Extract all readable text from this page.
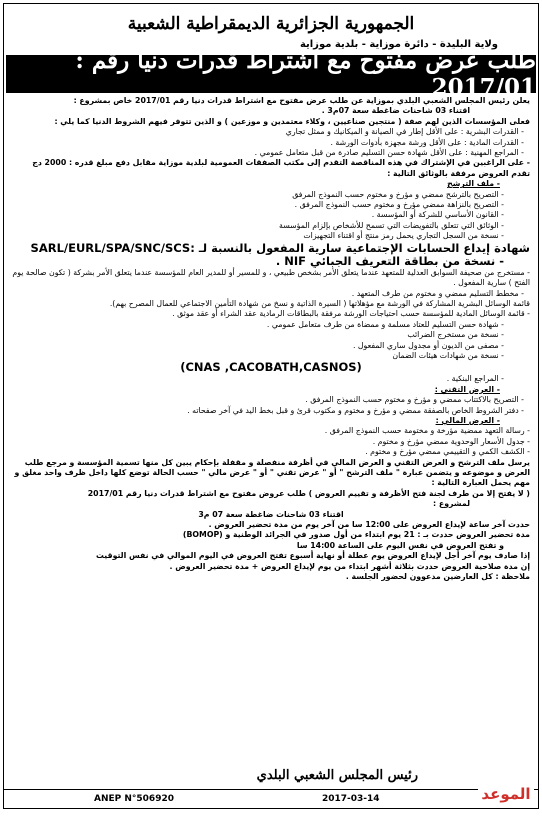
الجمهورية الجزائرية الديمقراطية الشعبية
ولاية البليدة - دائرة موزاية - بلدية موزاية
طلب عرض مفتوح مع اشتراط قدرات دنيا رقم : 2017/01

يعلن رئيس المجلس الشعبي البلدي بموزاية عن طلب عرض مفتوح مع اشتراط قدرات دنيا رقم 2017/01 خاص بمشروع :

اقتناء 03 شاحنات ضاغطة سعة 07م3 .

فعلى المؤسسات الذين لهم صفة ( منتجين صناعيين ، وكلاء معتمدين و موزعين ) و الذين تتوفر فيهم الشروط الدنيا كما يلي :

- القدرات البشرية : على الأقل إطار في الصيانة و الميكانيك و ممثل تجاري

- القدرات المادية : على الأقل ورشة مجهزة بأدوات الورشة .

- المراجع المهنية : على الأقل شهادة حسن التسليم صادرة من قبل متعامل عمومي .

- على الراغبين في الإشتراك في هذه المناقصة التقدم إلى مكتب الصفقات العمومية لبلدية موزاية مقابل دفع مبلغ قدره : 2000 دج

تقدم العروض مرفقة بالوثائق التالية :

- ملف الترشح

- التصريح بالترشح ممضي و مؤرخ و مختوم حسب النموذج المرفق

- التصريح بالنزاهة ممضي مؤرخ و مختوم حسب النموذج المرفق .

- القانون الأساسي للشركة أو المؤسسة .

- الوثائق التي تتعلق بالتفويضات التي تسمح للأشخاص بإلزام المؤسسة

- نسخة من السجل التجاري يحمل رمز منتج أو اقتناء التجهيزات

شهادة إيداع الحسابات الإجتماعية سارية المفعول بالنسبة لـ :SARL/EURL/SPA/SNC/SCS

- نسخة من بطاقة التعريف الجبائي NIF .

- مستخرج من صحيفة السوابق العدلية للمتعهد عندما يتعلق الأمر بشخص طبيعي ، و للمسير أو للمدير العام للمؤسسة عندما يتعلق الأمر بشركة ( تكون صالحة يوم الفتح ) سارية المفعول .

- مخطط التسليم ممضي و مختوم من طرف المتعهد .

قائمة الوسائل البشرية المشاركة في الورشة مع مؤهلاتها ( السيرة الذاتية و نسخ من شهادة التأمين الاجتماعي للعمال المصرح بهم).

- قائمة الوسائل المادية للمؤسسة حسب احتياجات الورشة مرفقة بالبطاقات الرمادية عقد الشراء أو عقد موثق .

- شهادة حسن التسليم للعتاد مسلمة و ممضاة من طرف متعامل عمومي .

- نسخة من مستخرج الضرائب

- مصفى من الديون أو مجدول ساري المفعول .

- نسخة من شهادات هيئات الضمان

(CNAS ,CACOBATH,CASNOS)

- المراجع البنكية .

- العرض التقني :

- التصريح بالاكتتاب ممضي و مؤرخ و مختوم حسب النموذج المرفق .

- دفتر الشروط الخاص بالصفقة ممضي و مؤرخ و مختوم و مكتوب قرئ و قبل بخط اليد في آخر صفحاته .

- العرض المالي :

- رسالة التعهد ممضية مؤرخة و مختومة حسب النموذج المرفق .

- جدول الأسعار الوحدوية ممضي مؤرخ و مختوم .

- الكشف الكمي و التقييمي ممضي مؤرخ و مختوم .

يرسل ملف الترشح و العرض التقني و العرض المالي في أظرفة منفصلة و مقفلة بإحكام يبين كل منها تسمية المؤسسة و مرجع طلب العرض و موضوعه و يتضمن عبارة " ملف الترشح " أو " عرض تقني " أو " عرض مالي " حسب الحالة توضع كلها داخل ظرف واحد مغلق و مهم يحمل العبارة التالية :

( لا يفتح إلا من طرف لجنة فتح الأظرفة و تقييم العروض ) طلب عروض مفتوح مع اشتراط قدرات دنيا رقم 2017/01

لمشروع :

اقتناء 03 شاحنات ضاغطة سعة 07 م3

حددت آخر ساعة لإيداع العروض على 12:00 سا من آخر يوم من مدة تحضير العروض .

مدة تحضير العروض حددت بـ : 21 يوم ابتداء من أول صدور في الجرائد الوطنية و (BOMOP)

و تفتح العروض في نفس اليوم على الساعة 14:00 سا

إذا صادف يوم آخر أجل لإيداع العروض يوم عطلة أو نهاية أسبوع تفتح العروض في اليوم الموالي في نفس التوقيت

إن مدة صلاحية العروض حددت بثلاثة أشهر ابتداء من يوم لإيداع العروض + مدة تحضير العروض .

ملاحظة : كل العارضين مدعوون لحضور الجلسة .

رئيس المجلس الشعبي البلدي
ANEP N°506920	2017-03-14	الموعد
